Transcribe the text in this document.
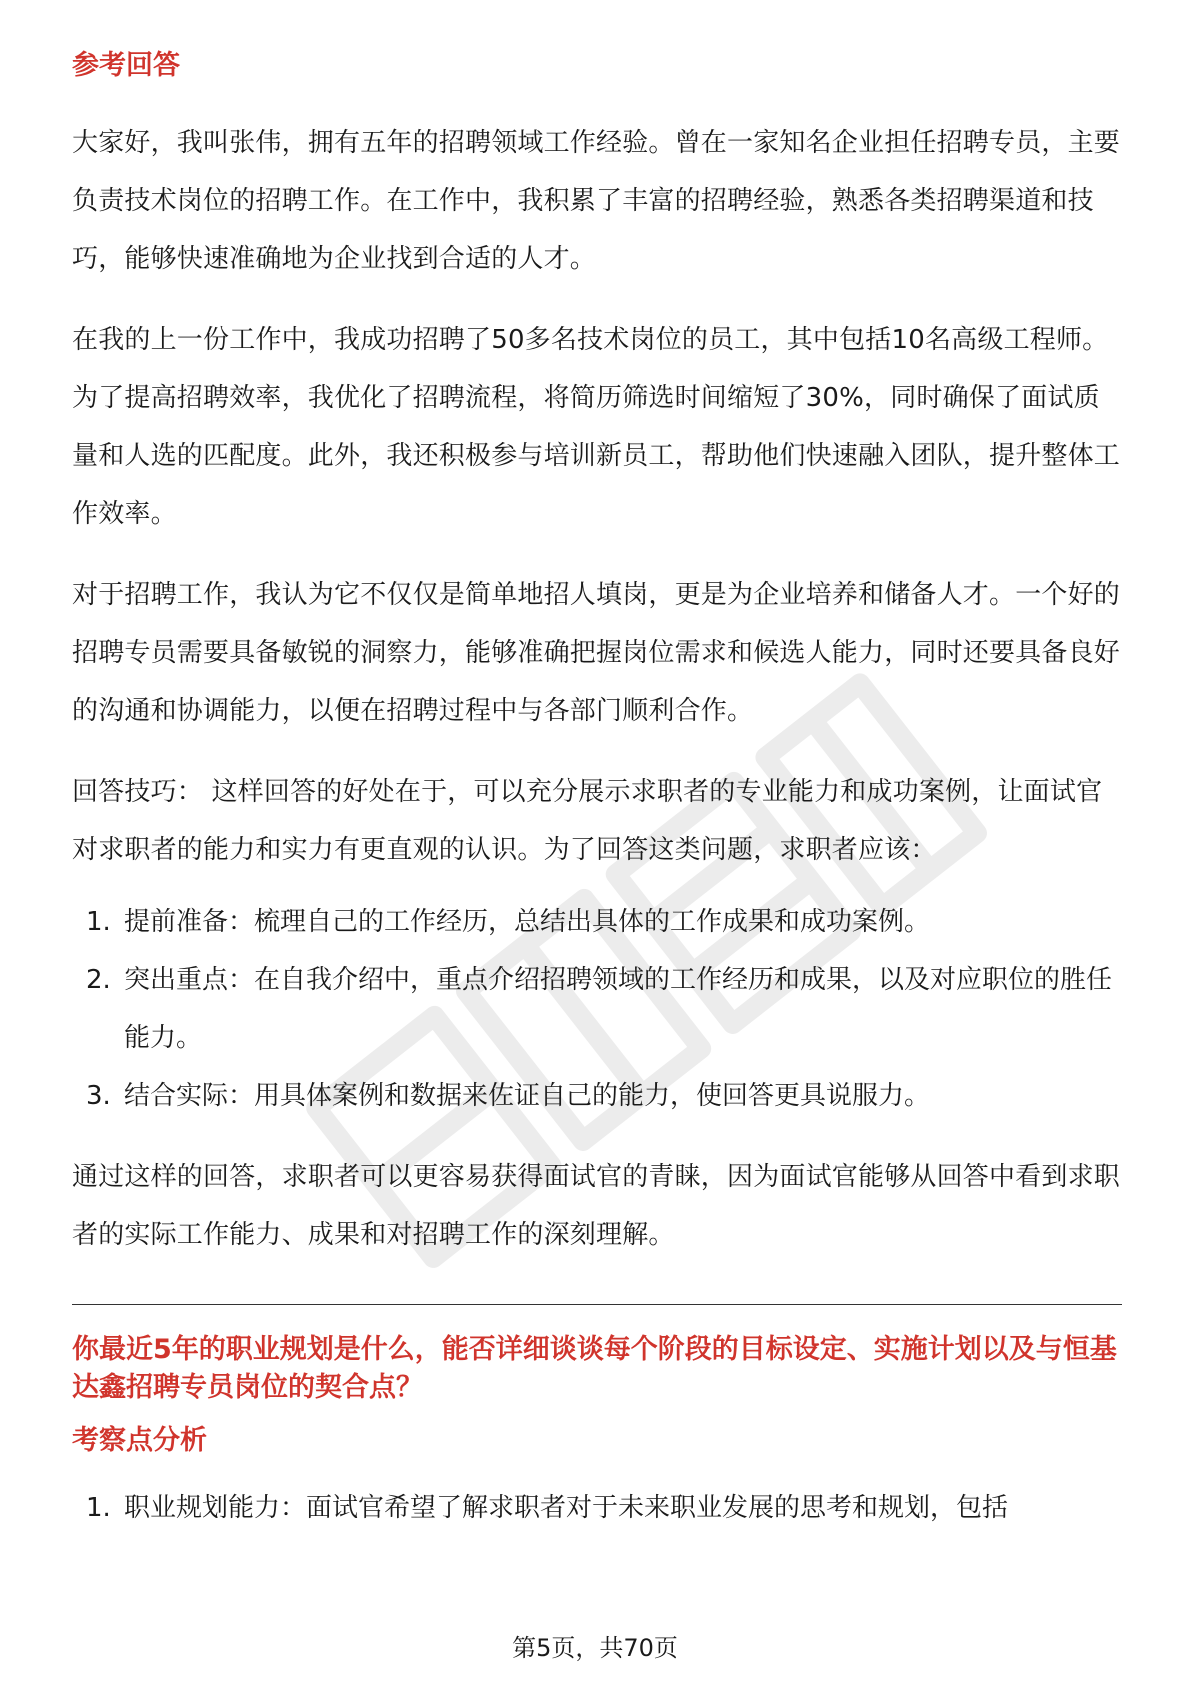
参考回答

大家好，我叫张伟，拥有五年的招聘领域工作经验。曾在一家知名企业担任招聘专员，主要负责技术岗位的招聘工作。在工作中，我积累了丰富的招聘经验，熟悉各类招聘渠道和技巧，能够快速准确地为企业找到合适的人才。

在我的上一份工作中，我成功招聘了50多名技术岗位的员工，其中包括10名高级工程师。为了提高招聘效率，我优化了招聘流程，将简历筛选时间缩短了30%，同时确保了面试质量和人选的匹配度。此外，我还积极参与培训新员工，帮助他们快速融入团队，提升整体工作效率。

对于招聘工作，我认为它不仅仅是简单地招人填岗，更是为企业培养和储备人才。一个好的招聘专员需要具备敏锐的洞察力，能够准确把握岗位需求和候选人能力，同时还要具备良好的沟通和协调能力，以便在招聘过程中与各部门顺利合作。

回答技巧： 这样回答的好处在于，可以充分展示求职者的专业能力和成功案例，让面试官对求职者的能力和实力有更直观的认识。为了回答这类问题，求职者应该：

1. 提前准备：梳理自己的工作经历，总结出具体的工作成果和成功案例。
2. 突出重点：在自我介绍中，重点介绍招聘领域的工作经历和成果，以及对应职位的胜任能力。
3. 结合实际：用具体案例和数据来佐证自己的能力，使回答更具说服力。

通过这样的回答，求职者可以更容易获得面试官的青睐，因为面试官能够从回答中看到求职者的实际工作能力、成果和对招聘工作的深刻理解。

你最近5年的职业规划是什么，能否详细谈谈每个阶段的目标设定、实施计划以及与恒基达鑫招聘专员岗位的契合点？
考察点分析
1. 职业规划能力：面试官希望了解求职者对于未来职业发展的思考和规划，包括
第5页，共70页
